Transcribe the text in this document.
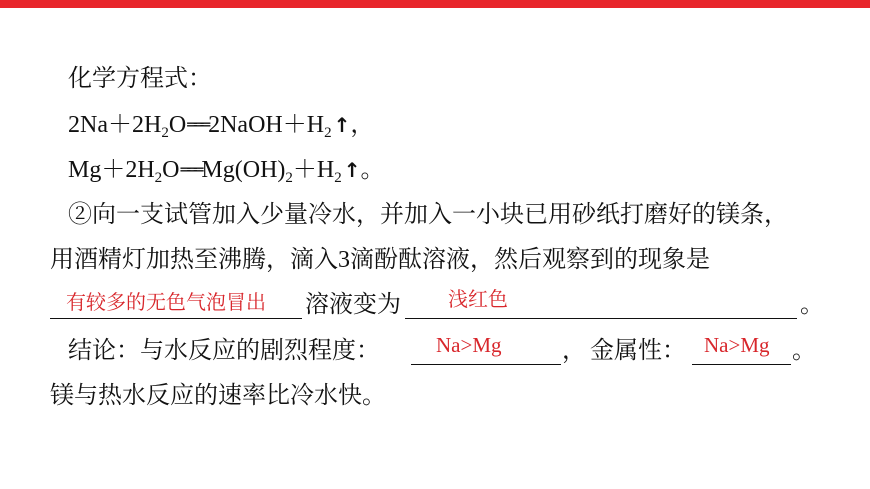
化学方程式：
$2Na+2H_2O═══2NaOH+H_2$ ↑，
$Mg+2H_2O═══Mg(OH)_2+H_2$ ↑。
②向一支试管加入少量冷水，并加入一小块已用砂纸打磨好的镁条，
用酒精灯加热至沸腾，滴入3滴酚酞溶液，然后观察到的现象是
有较多的无色气泡冒出 溶液变为 浅红色	。
结论：与水反应的剧烈程度：	Na>Mg	， 金属性： Na>Mg 。
镁与热水反应的速率比冷水快。
